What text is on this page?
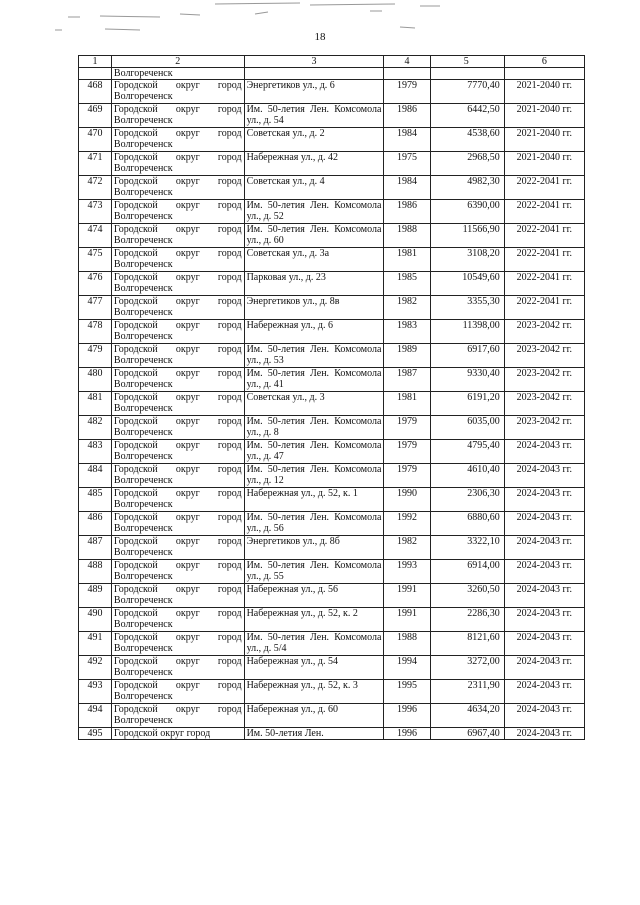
18
1	2	3	4	5	6
	Волгореченск				
468	Городской округ город Волгореченск	Энергетиков ул., д. 6	1979	7770,40	2021-2040 гг.
469	Городской округ город Волгореченск	Им. 50-летия Лен. Комсомола ул., д. 54	1986	6442,50	2021-2040 гг.
470	Городской округ город Волгореченск	Советская ул., д. 2	1984	4538,60	2021-2040 гг.
471	Городской округ город Волгореченск	Набережная ул., д. 42	1975	2968,50	2021-2040 гг.
472	Городской округ город Волгореченск	Советская ул., д. 4	1984	4982,30	2022-2041 гг.
473	Городской округ город Волгореченск	Им. 50-летия Лен. Комсомола ул., д. 52	1986	6390,00	2022-2041 гг.
474	Городской округ город Волгореченск	Им. 50-летия Лен. Комсомола ул., д. 60	1988	11566,90	2022-2041 гг.
475	Городской округ город Волгореченск	Советская ул., д. 3а	1981	3108,20	2022-2041 гг.
476	Городской округ город Волгореченск	Парковая ул., д. 23	1985	10549,60	2022-2041 гг.
477	Городской округ город Волгореченск	Энергетиков ул., д. 8в	1982	3355,30	2022-2041 гг.
478	Городской округ город Волгореченск	Набережная ул., д. 6	1983	11398,00	2023-2042 гг.
479	Городской округ город Волгореченск	Им. 50-летия Лен. Комсомола ул., д. 53	1989	6917,60	2023-2042 гг.
480	Городской округ город Волгореченск	Им. 50-летия Лен. Комсомола ул., д. 41	1987	9330,40	2023-2042 гг.
481	Городской округ город Волгореченск	Советская ул., д. 3	1981	6191,20	2023-2042 гг.
482	Городской округ город Волгореченск	Им. 50-летия Лен. Комсомола ул., д. 8	1979	6035,00	2023-2042 гг.
483	Городской округ город Волгореченск	Им. 50-летия Лен. Комсомола ул., д. 47	1979	4795,40	2024-2043 гг.
484	Городской округ город Волгореченск	Им. 50-летия Лен. Комсомола ул., д. 12	1979	4610,40	2024-2043 гг.
485	Городской округ город Волгореченск	Набережная ул., д. 52, к. 1	1990	2306,30	2024-2043 гг.
486	Городской округ город Волгореченск	Им. 50-летия Лен. Комсомола ул., д. 56	1992	6880,60	2024-2043 гг.
487	Городской округ город Волгореченск	Энергетиков ул., д. 8б	1982	3322,10	2024-2043 гг.
488	Городской округ город Волгореченск	Им. 50-летия Лен. Комсомола ул., д. 55	1993	6914,00	2024-2043 гг.
489	Городской округ город Волгореченск	Набережная ул., д. 56	1991	3260,50	2024-2043 гг.
490	Городской округ город Волгореченск	Набережная ул., д. 52, к. 2	1991	2286,30	2024-2043 гг.
491	Городской округ город Волгореченск	Им. 50-летия Лен. Комсомола ул., д. 5/4	1988	8121,60	2024-2043 гг.
492	Городской округ город Волгореченск	Набережная ул., д. 54	1994	3272,00	2024-2043 гг.
493	Городской округ город Волгореченск	Набережная ул., д. 52, к. 3	1995	2311,90	2024-2043 гг.
494	Городской округ город Волгореченск	Набережная ул., д. 60	1996	4634,20	2024-2043 гг.
495	Городской округ город	Им. 50-летия Лен.	1996	6967,40	2024-2043 гг.
